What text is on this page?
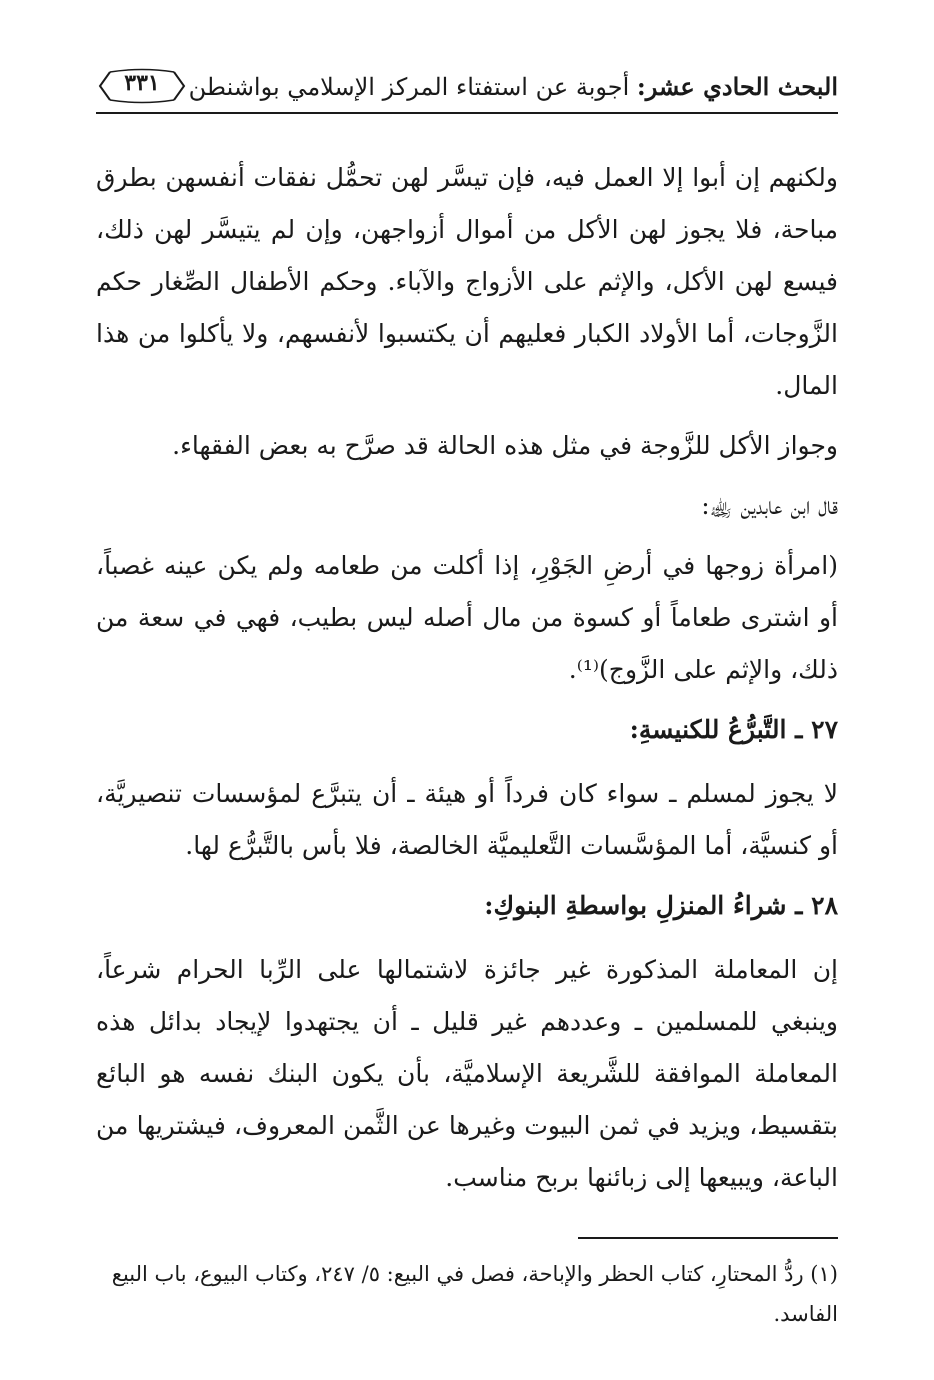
البحث الحادي عشر: أجوبة عن استفتاء المركز الإسلامي بواشنطن
٣٣١

ولكنهم إن أبوا إلا العمل فيه، فإن تيسَّر لهن تحمُّل نفقات أنفسهن بطرق مباحة، فلا يجوز لهن الأكل من أموال أزواجهن، وإن لم يتيسَّر لهن ذلك، فيسع لهن الأكل، والإثم على الأزواج والآباء. وحكم الأطفال الصِّغار حكم الزَّوجات، أما الأولاد الكبار فعليهم أن يكتسبوا لأنفسهم، ولا يأكلوا من هذا المال.

وجواز الأكل للزَّوجة في مثل هذه الحالة قد صرَّح به بعض الفقهاء.

قال ابن عابدين ﵀:

(امرأة زوجها في أرضِ الجَوْرِ، إذا أكلت من طعامه ولم يكن عينه غصباً، أو اشترى طعاماً أو كسوة من مال أصله ليس بطيب، فهي في سعة من ذلك، والإثم على الزَّوج)⁽¹⁾.

٢٧ ـ التَّبرُّعُ للكنيسةِ:

لا يجوز لمسلم ـ سواء كان فرداً أو هيئة ـ أن يتبرَّع لمؤسسات تنصيريَّة، أو كنسيَّة، أما المؤسَّسات التَّعليميَّة الخالصة، فلا بأس بالتَّبرُّع لها.

٢٨ ـ شراءُ المنزلِ بواسطةِ البنوكِ:

إن المعاملة المذكورة غير جائزة لاشتمالها على الرِّبا الحرام شرعاً، وينبغي للمسلمين ـ وعددهم غير قليل ـ أن يجتهدوا لإيجاد بدائل هذه المعاملة الموافقة للشَّريعة الإسلاميَّة، بأن يكون البنك نفسه هو البائع بتقسيط، ويزيد في ثمن البيوت وغيرها عن الثَّمن المعروف، فيشتريها من الباعة، ويبيعها إلى زبائنها بربح مناسب.

(١) ردُّ المحتارِ، كتاب الحظر والإباحة، فصل في البيع: ٥/ ٢٤٧، وكتاب البيوع، باب البيع الفاسد.
